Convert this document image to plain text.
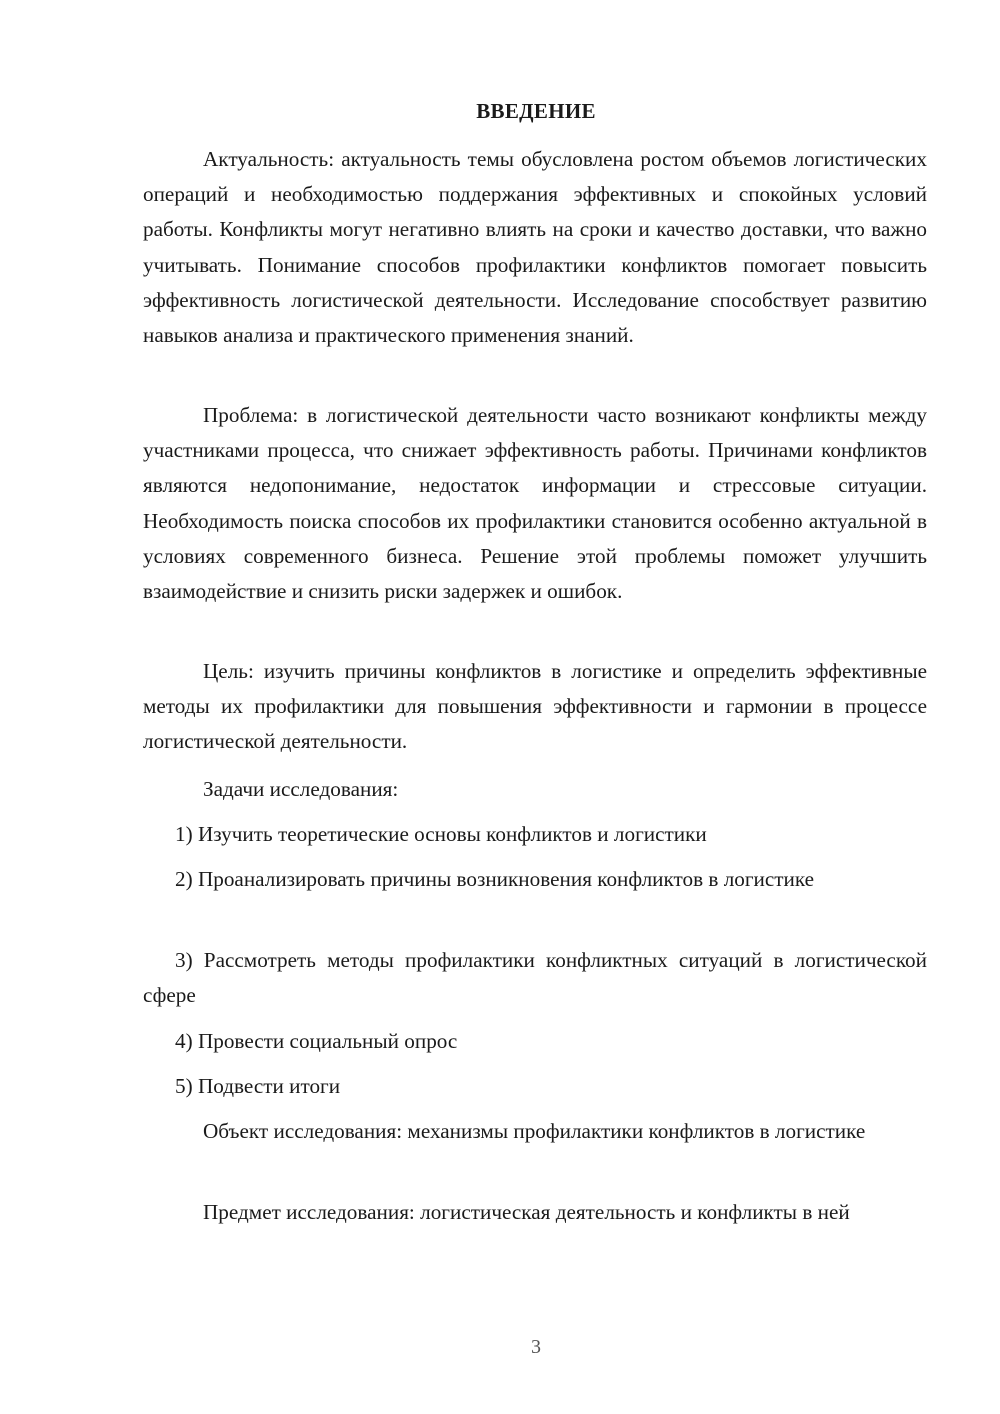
ВВЕДЕНИЕ

Актуальность: актуальность темы обусловлена ростом объемов логистических операций и необходимостью поддержания эффективных и спокойных условий работы. Конфликты могут негативно влиять на сроки и качество доставки, что важно учитывать. Понимание способов профилактики конфликтов помогает повысить эффективность логистической деятельности. Исследование способствует развитию навыков анализа и практического применения знаний.

Проблема: в логистической деятельности часто возникают конфликты между участниками процесса, что снижает эффективность работы. Причинами конфликтов являются недопонимание, недостаток информации и стрессовые ситуации. Необходимость поиска способов их профилактики становится особенно актуальной в условиях современного бизнеса. Решение этой проблемы поможет улучшить взаимодействие и снизить риски задержек и ошибок.

Цель: изучить причины конфликтов в логистике и определить эффективные методы их профилактики для повышения эффективности и гармонии в процессе логистической деятельности.

Задачи исследования:

1) Изучить теоретические основы конфликтов и логистики

2) Проанализировать причины возникновения конфликтов в логистике

3) Рассмотреть методы профилактики конфликтных ситуаций в логистической сфере

4) Провести социальный опрос

5) Подвести итоги

Объект исследования: механизмы профилактики конфликтов в логистике

Предмет исследования: логистическая деятельность и конфликты в ней

3
